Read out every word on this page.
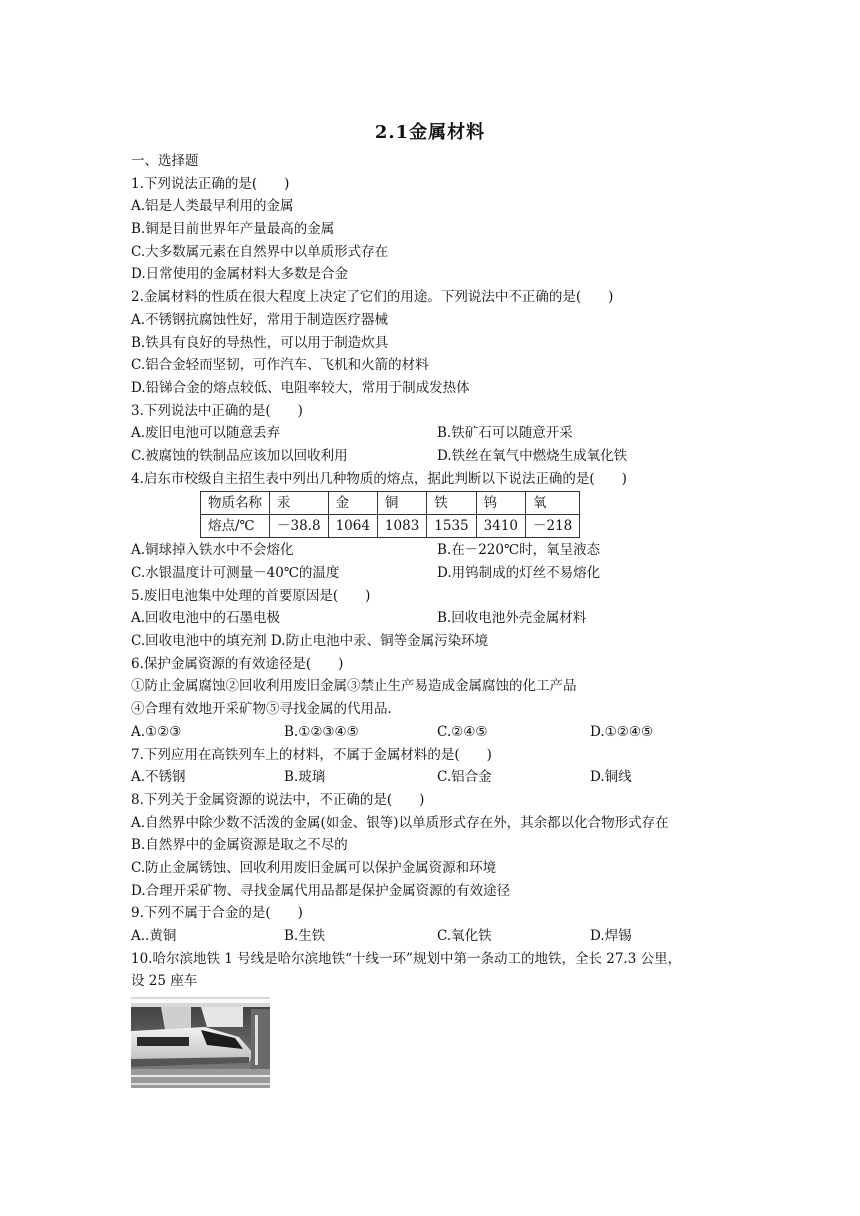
2.1金属材料
一、选择题
1.下列说法正确的是(　　)
A.铝是人类最早利用的金属
B.铜是目前世界年产量最高的金属
C.大多数属元素在自然界中以单质形式存在
D.日常使用的金属材料大多数是合金
2.金属材料的性质在很大程度上决定了它们的用途。下列说法中不正确的是(　　)
A.不锈钢抗腐蚀性好，常用于制造医疗器械
B.铁具有良好的导热性，可以用于制造炊具
C.铝合金轻而坚韧，可作汽车、飞机和火箭的材料
D.铅锑合金的熔点较低、电阻率较大，常用于制成发热体
3.下列说法中正确的是(　　)
A.废旧电池可以随意丢弃	B.铁矿石可以随意开采
C.被腐蚀的铁制品应该加以回收利用	D.铁丝在氧气中燃烧生成氧化铁
4.启东市校级自主招生表中列出几种物质的熔点，据此判断以下说法正确的是(　　)
物质名称	汞	金	铜	铁	钨	氧
熔点/℃	－38.8	1064	1083	1535	3410	－218
A.铜球掉入铁水中不会熔化	B.在－220℃时，氧呈液态
C.水银温度计可测量－40℃的温度	D.用钨制成的灯丝不易熔化
5.废旧电池集中处理的首要原因是(　　)
A.回收电池中的石墨电极	B.回收电池外壳金属材料
C.回收电池中的填充剂 D.防止电池中汞、铜等金属污染环境
6.保护金属资源的有效途径是(　　)
①防止金属腐蚀②回收利用废旧金属③禁止生产易造成金属腐蚀的化工产品
④合理有效地开采矿物⑤寻找金属的代用品.
A.①②③	B.①②③④⑤	C.②④⑤	D.①②④⑤
7.下列应用在高铁列车上的材料，不属于金属材料的是(　　)
A.不锈钢	B.玻璃	C.铝合金	D.铜线
8.下列关于金属资源的说法中，不正确的是(　　)
A.自然界中除少数不活泼的金属(如金、银等)以单质形式存在外，其余都以化合物形式存在
B.自然界中的金属资源是取之不尽的
C.防止金属锈蚀、回收利用废旧金属可以保护金属资源和环境
D.合理开采矿物、寻找金属代用品都是保护金属资源的有效途径
9.下列不属于合金的是(　　)
A..黄铜	B.生铁	C.氧化铁	D.焊锡
10.哈尔滨地铁 1 号线是哈尔滨地铁“十线一环”规划中第一条动工的地铁，全长 27.3 公里，
设 25 座车
